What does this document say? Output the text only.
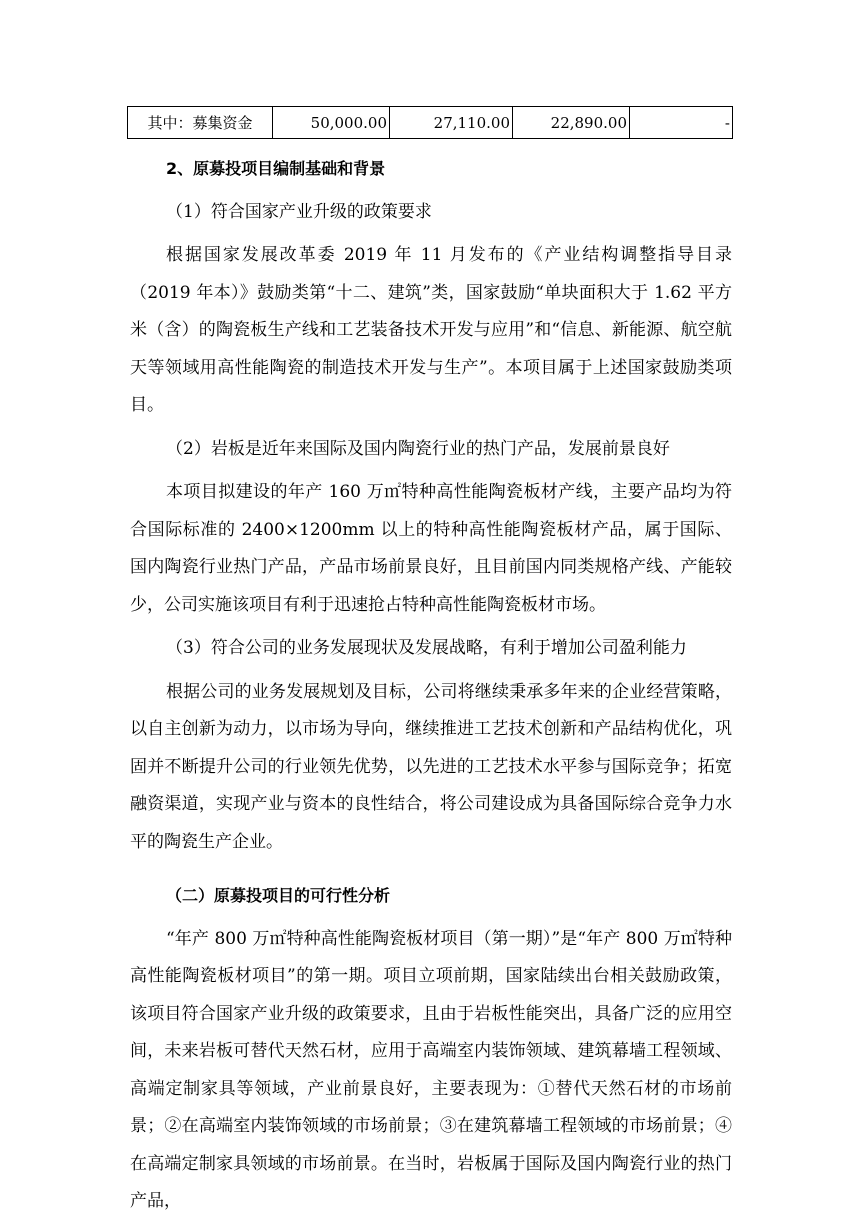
其中：募集资金	50,000.00	27,110.00	22,890.00	-

2、原募投项目编制基础和背景

（1）符合国家产业升级的政策要求

根据国家发展改革委 2019 年 11 月发布的《产业结构调整指导目录（2019 年本）》鼓励类第“十二、建筑”类，国家鼓励“单块面积大于 1.62 平方米（含）的陶瓷板生产线和工艺装备技术开发与应用”和“信息、新能源、航空航天等领域用高性能陶瓷的制造技术开发与生产”。本项目属于上述国家鼓励类项目。

（2）岩板是近年来国际及国内陶瓷行业的热门产品，发展前景良好

本项目拟建设的年产 160 万㎡特种高性能陶瓷板材产线，主要产品均为符合国际标准的 2400×1200mm 以上的特种高性能陶瓷板材产品，属于国际、国内陶瓷行业热门产品，产品市场前景良好，且目前国内同类规格产线、产能较少，公司实施该项目有利于迅速抢占特种高性能陶瓷板材市场。

（3）符合公司的业务发展现状及发展战略，有利于增加公司盈利能力

根据公司的业务发展规划及目标，公司将继续秉承多年来的企业经营策略，以自主创新为动力，以市场为导向，继续推进工艺技术创新和产品结构优化，巩固并不断提升公司的行业领先优势，以先进的工艺技术水平参与国际竞争；拓宽融资渠道，实现产业与资本的良性结合，将公司建设成为具备国际综合竞争力水平的陶瓷生产企业。

（二）原募投项目的可行性分析

“年产 800 万㎡特种高性能陶瓷板材项目（第一期）”是“年产 800 万㎡特种高性能陶瓷板材项目”的第一期。项目立项前期，国家陆续出台相关鼓励政策，该项目符合国家产业升级的政策要求，且由于岩板性能突出，具备广泛的应用空间，未来岩板可替代天然石材，应用于高端室内装饰领域、建筑幕墙工程领域、高端定制家具等领域，产业前景良好，主要表现为：①替代天然石材的市场前景；②在高端室内装饰领域的市场前景；③在建筑幕墙工程领域的市场前景；④在高端定制家具领域的市场前景。在当时，岩板属于国际及国内陶瓷行业的热门产品，
